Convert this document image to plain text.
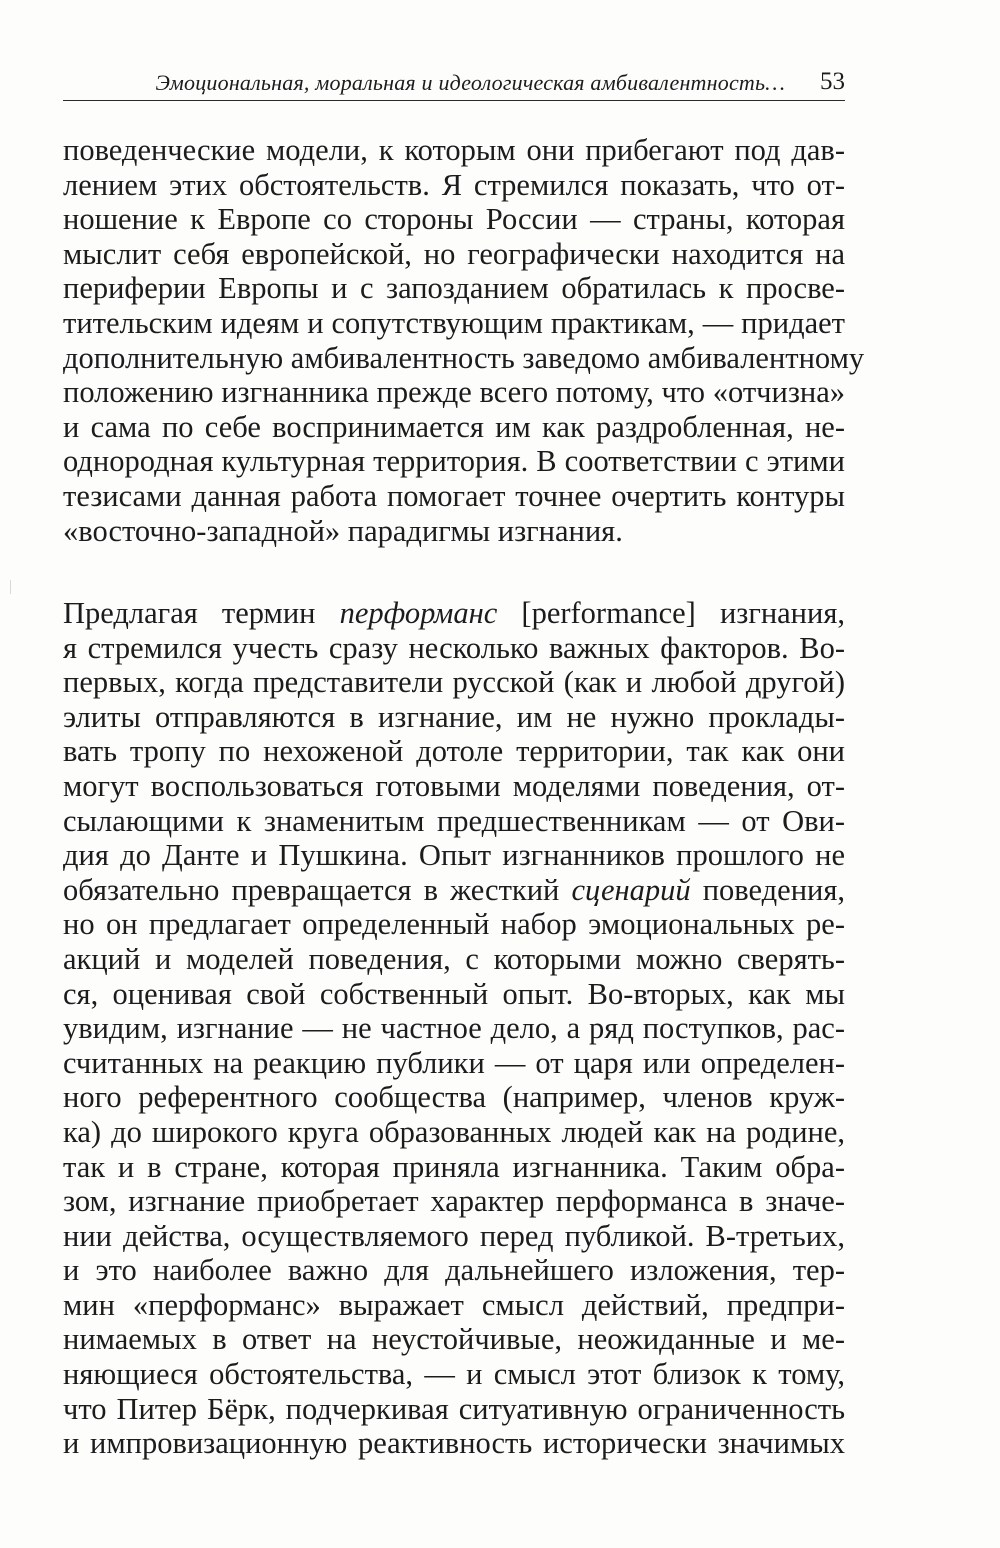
Эмоциональная, моральная и идеологическая амбивалентность… 53
поведенческие модели, к которым они прибегают под дав-
лением этих обстоятельств. Я стремился показать, что от-
ношение к Европе со стороны России — страны, которая
мыслит себя европейской, но географически находится на
периферии Европы и с запозданием обратилась к просве-
тительским идеям и сопутствующим практикам, — придает
дополнительную амбивалентность заведомо амбивалентному
положению изгнанника прежде всего потому, что «отчизна»
и сама по себе воспринимается им как раздробленная, не-
однородная культурная территория. В соответствии с этими
тезисами данная работа помогает точнее очертить контуры
«восточно-западной» парадигмы изгнания.
Предлагая термин перформанс [performance] изгнания,
я стремился учесть сразу несколько важных факторов. Во-
первых, когда представители русской (как и любой другой)
элиты отправляются в изгнание, им не нужно проклады-
вать тропу по нехоженой дотоле территории, так как они
могут воспользоваться готовыми моделями поведения, от-
сылающими к знаменитым предшественникам — от Ови-
дия до Данте и Пушкина. Опыт изгнанников прошлого не
обязательно превращается в жесткий сценарий поведения,
но он предлагает определенный набор эмоциональных ре-
акций и моделей поведения, с которыми можно сверять-
ся, оценивая свой собственный опыт. Во-вторых, как мы
увидим, изгнание — не частное дело, а ряд поступков, рас-
считанных на реакцию публики — от царя или определен-
ного референтного сообщества (например, членов круж-
ка) до широкого круга образованных людей как на родине,
так и в стране, которая приняла изгнанника. Таким обра-
зом, изгнание приобретает характер перформанса в значе-
нии действа, осуществляемого перед публикой. В-третьих,
и это наиболее важно для дальнейшего изложения, тер-
мин «перформанс» выражает смысл действий, предпри-
нимаемых в ответ на неустойчивые, неожиданные и ме-
няющиеся обстоятельства, — и смысл этот близок к тому,
что Питер Бёрк, подчеркивая ситуативную ограниченность
и импровизационную реактивность исторически значимых
